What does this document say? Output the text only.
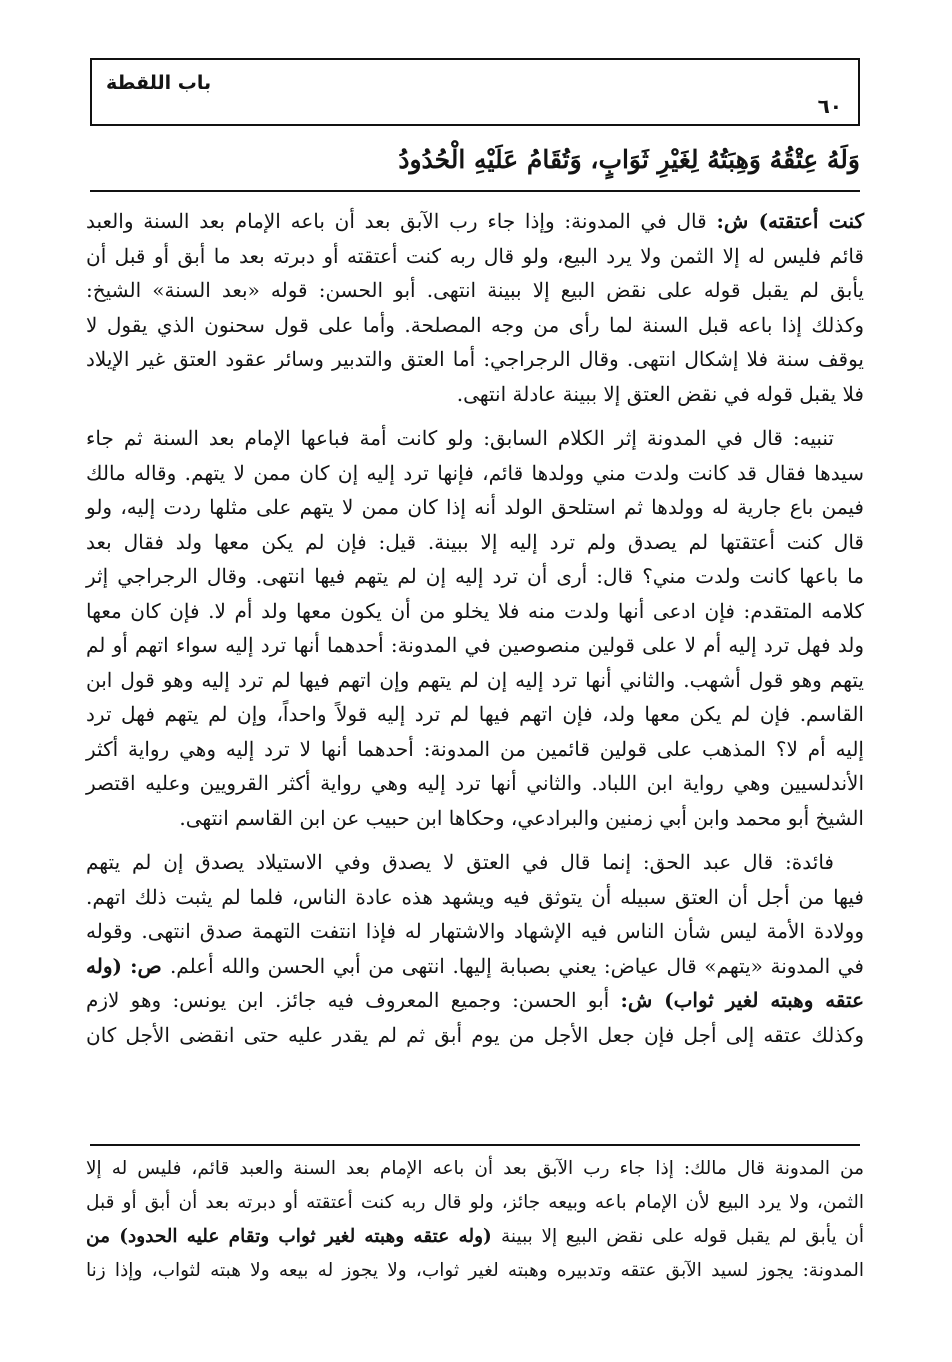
باب اللقطة
٦٠
وَلَهُ عِتْقُهُ وَهِبَتُهُ لِغَيْرِ ثَوَابٍ، وَتُقَامُ عَلَيْهِ الْحُدُودُ
كنت أعتقته) ش: قال في المدونة: وإذا جاء رب الآبق بعد أن باعه الإمام بعد السنة والعبد
قائم فليس له إلا الثمن ولا يرد البيع، ولو قال ربه كنت أعتقته أو دبرته بعد ما أبق أو قبل أن
يأبق لم يقبل قوله على نقض البيع إلا ببينة انتهى. أبو الحسن: قوله «بعد السنة» الشيخ:
وكذلك إذا باعه قبل السنة لما رأى من وجه المصلحة. وأما على قول سحنون الذي يقول لا
يوقف سنة فلا إشكال انتهى. وقال الرجراجي: أما العتق والتدبير وسائر عقود العتق غير الإيلاد
فلا يقبل قوله في نقض العتق إلا ببينة عادلة انتهى.
تنبيه: قال في المدونة إثر الكلام السابق: ولو كانت أمة فباعها الإمام بعد السنة ثم جاء
سيدها فقال قد كانت ولدت مني وولدها قائم، فإنها ترد إليه إن كان ممن لا يتهم. وقاله مالك
فيمن باع جارية له وولدها ثم استلحق الولد أنه إذا كان ممن لا يتهم على مثلها ردت إليه، ولو
قال كنت أعتقتها لم يصدق ولم ترد إليه إلا ببينة. قيل: فإن لم يكن معها ولد فقال بعد
ما باعها كانت ولدت مني؟ قال: أرى أن ترد إليه إن لم يتهم فيها انتهى. وقال الرجراجي إثر
كلامه المتقدم: فإن ادعى أنها ولدت منه فلا يخلو من أن يكون معها ولد أم لا. فإن كان معها
ولد فهل ترد إليه أم لا على قولين منصوصين في المدونة: أحدهما أنها ترد إليه سواء اتهم أو لم
يتهم وهو قول أشهب. والثاني أنها ترد إليه إن لم يتهم وإن اتهم فيها لم ترد إليه وهو قول ابن
القاسم. فإن لم يكن معها ولد، فإن اتهم فيها لم ترد إليه قولاً واحداً، وإن لم يتهم فهل ترد
إليه أم لا؟ المذهب على قولين قائمين من المدونة: أحدهما أنها لا ترد إليه وهي رواية أكثر
الأندلسيين وهي رواية ابن اللباد. والثاني أنها ترد إليه وهي رواية أكثر القرويين وعليه اقتصر
الشيخ أبو محمد وابن أبي زمنين والبرادعي، وحكاها ابن حبيب عن ابن القاسم انتهى.
فائدة: قال عبد الحق: إنما قال في العتق لا يصدق وفي الاستيلاد يصدق إن لم يتهم
فيها من أجل أن العتق سبيله أن يتوثق فيه ويشهد هذه عادة الناس، فلما لم يثبت ذلك اتهم.
وولادة الأمة ليس شأن الناس فيه الإشهاد والاشتهار له فإذا انتفت التهمة صدق انتهى. وقوله
في المدونة «يتهم» قال عياض: يعني بصبابة إليها. انتهى من أبي الحسن والله أعلم. ص: (وله
عتقه وهبته لغير ثواب) ش: أبو الحسن: وجميع المعروف فيه جائز. ابن يونس: وهو لازم
وكذلك عتقه إلى أجل فإن جعل الأجل من يوم أبق ثم لم يقدر عليه حتى انقضى الأجل كان
من المدونة قال مالك: إذا جاء رب الآبق بعد أن باعه الإمام بعد السنة والعبد قائم، فليس له إلا
الثمن، ولا يرد البيع لأن الإمام باعه وبيعه جائز، ولو قال ربه كنت أعتقته أو دبرته بعد أن أبق أو قبل
أن يأبق لم يقبل قوله على نقض البيع إلا ببينة (وله عتقه وهبته لغير ثواب وتقام عليه الحدود) من
المدونة: يجوز لسيد الآبق عتقه وتدبيره وهبته لغير ثواب، ولا يجوز له بيعه ولا هبته لثواب، وإذا زنا
